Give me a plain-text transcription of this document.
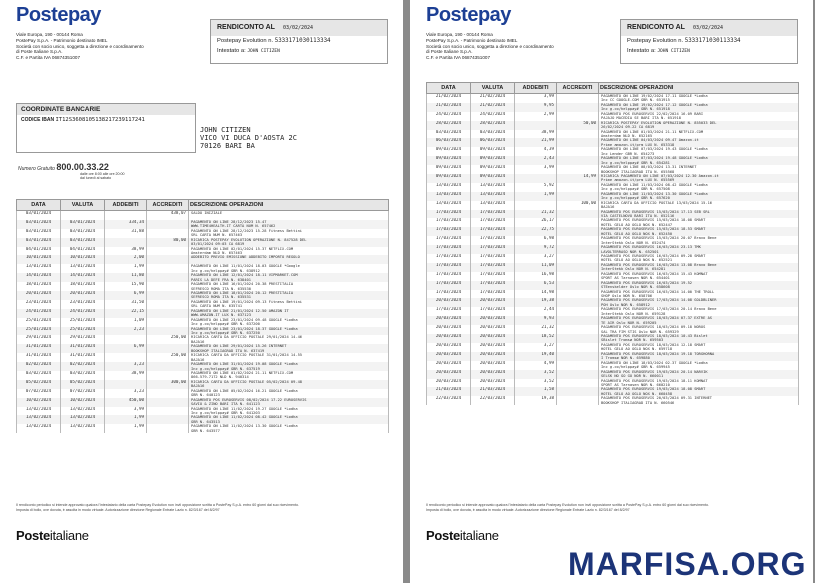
Postepay
Viale Europa, 190 - 00144 Roma
PostePay S.p.A. - Patrimonio destinato IMEL
Società con socio unico, soggetta a direzione e coordinamento
di Poste Italiane S.p.A.
C.F. e Partita IVA 06874351007
RENDICONTO AL 03/02/2024
Postepay Evolution n. 5333171030113334
Intestato a: JOHN CITIZEN
COORDINATE BANCARIE
CODICE IBAN IT12S3608105138217239117241
JOHN CITIZEN
VICO VI DUCA D'AOSTA 2C
70126 BARI BA
Numero Gratuito 800.00.33.22
dalle ore 8:00 alle ore 20:00
dal lunedì al sabato
DATA	VALUTA	ADDEBITI	ACCREDITI	DESCRIZIONE OPERAZIONI
03/01/2024			438,07	SALDO INIZIALE

03/01/2024	03/01/2024	334,34		PAGAMENTO ON LINE 28/12/2023 15.47
WWW.TIME4HEALTH.IT CARTA NUM N. 657462

03/01/2024	03/01/2024	31,88		PAGAMENTO ON LINE 28/12/2023 15.28 Fitness Bettini
SRL CARTA NUM N. 657463

03/01/2024	03/01/2024		80,00	RICARICA POSTEPAY EVOLUTION OPERAZIONE N. 847528 DEL
03/01/2024 09:03 CA 6819

04/01/2024	04/01/2024	38,99		PAGAMENTO ON LINE 02/01/2024 15.37 NETFLIX.COM
Amsterdam NLD N. 657463

10/01/2024	10/01/2024	2,00		ADDEBITO PREVIO EMISSIONE ADDEBITO IMPORTO REGOLO

13/01/2024	13/01/2024	1,99		PAGAMENTO ON LINE 11/01/2024 18.03 GOOGLE *Google
Inc g.co/helppay# GBR N. 638912

14/01/2024	14/01/2024	11,80		PAGAMENTO ON LINE 12/01/2024 18.11 VIPMARKET.COM
PARIS LA DEFE FRA N. 638401

18/01/2024	18/01/2024	15,90		PAGAMENTO ON LINE 16/01/2024 20.38 PRESTITALIA
SEFRESCO ROMA ITA N. 635530

20/01/2024	20/01/2024	6,99		PAGAMENTO ON LINE 18/01/2024 20.12 PRESTITALIA
SEFRESCO ROMA ITA N. 635531

23/01/2024	23/01/2024	31,50		PAGAMENTO ON LINE 19/01/2024 09.13 Fitness Bettini
SRL CARTA NUM N. 635741

24/01/2024	24/01/2024	22,15		PAGAMENTO ON LINE 21/01/2024 12.50 AMAZON IT
WWW.AMAZON.IT LUX N. 637123

25/01/2024	25/01/2024	1,09		PAGAMENTO ON LINE 23/01/2024 09.48 GOOGLE *Lodha
Inc g.co/helppay# GBR N. 637200

25/01/2024	25/01/2024	2,23		PAGAMENTO ON LINE 23/01/2024 18.37 GOOGLE *Lodha
Inc g.co/helppay# GBR N. 637250

29/01/2024	29/01/2024		250,00	RICARICA CARTA DA UFFICIO POSTALE 29/01/2024 14.46
BAJA16

31/01/2024	31/01/2024	6,99		PAGAMENTO ON LINE 29/01/2024 15.26 INTERNET
BOOKSHOP ITALIAGRAD ITA N. 637419

31/01/2024	31/01/2024		250,00	RICARICA CARTA DA UFFICIO POSTALE 31/01/2024 14.55
BAJA16

02/02/2024	02/02/2024	3,23		PAGAMENTO ON LINE 31/01/2024 19.08 GOOGLE *Lodha
Inc g.co/helppay# GBR N. 637519

03/02/2024	03/02/2024	38,99		PAGAMENTO ON LINE 01/02/2024 21.11 NETFLIX.COM
866-579-7172 NLD N. 940314

05/02/2024	05/02/2024		300,00	RICARICA CARTA DA UFFICIO POSTALE 05/02/2024 09.48
BAJA16

07/02/2024	07/02/2024	3,23		PAGAMENTO ON LINE 05/02/2024 16.21 GOOGLE *Lodha
GBR N. 640123

10/02/2024	10/02/2024	450,00		PAGAMENTO POS EUROSERVIS 08/02/2024 17.22 EUROSERVIS
SAVIO & ZINO BARI ITA N. 641123

13/02/2024	13/02/2024	3,99		PAGAMENTO ON LINE 11/02/2024 19.27 GOOGLE *Lodha
Inc g.co/helppay# GBR N. 641203

13/02/2024	13/02/2024	1,99		PAGAMENTO ON LINE 11/02/2024 08.42 GOOGLE *Lodha
GBR N. 643513

13/02/2024	13/02/2024	1,99		PAGAMENTO ON LINE 11/02/2024 13.30 GOOGLE *Lodha
GBR N. 643577
Il rendiconto periodico si intende approvato qualora l'intestatario della carta Postepay Evolution non invii opposizione scritta a PostePay S.p.A. entro 60 giorni dal suo ricevimento.
Imposta di bollo, ove dovuta, è assolta in modo virtuale. Autorizzazione direzione Regionale Entrate Lazio n. 82/3/167 del 8/2/97
Posteitaliane
Postepay
Viale Europa, 190 - 00144 Roma
PostePay S.p.A. - Patrimonio destinato IMEL
Società con socio unico, soggetta a direzione e coordinamento
di Poste Italiane S.p.A.
C.F. e Partita IVA 06874351007
RENDICONTO AL 03/02/2024
Postepay Evolution n. 5333171030113334
Intestato a: JOHN CITIZEN
DATA	VALUTA	ADDEBITI	ACCREDITI	DESCRIZIONE OPERAZIONI
21/02/2024	21/02/2024	3,99		PAGAMENTO ON LINE 19/02/2024 17.11 GOOGLE *Lodha
Inc CC GOOGLE.COM GBR N. 651915

21/02/2024	21/02/2024	9,95		PAGAMENTO ON LINE 19/02/2024 17.12 GOOGLE *Lodha
Inc g.co/helppay# GBR N. 651918

24/02/2024	24/02/2024	2,99		PAGAMENTO POS EUROSERVIS 22/02/2024 16.09 BARI
PAJAJO MACEDIA SE BARI ITA N. 651918

28/02/2024	28/02/2024		50,00	RICARICA POSTEPAY EVOLUTION OPERAZIONE N. 855033 DEL
26/02/2024 09.22 CA 6819

03/03/2024	03/03/2024	38,99		PAGAMENTO ON LINE 01/03/2024 21.11 NETFLIX.COM
Amsterdam NLD N. 652165

06/03/2024	06/03/2024	21,99		PAGAMENTO ON LINE 04/03/2024 09.47 Amazon.it
Prime amazon.it/prm LUX N. 653318

09/03/2024	09/03/2024	4,39		PAGAMENTO ON LINE 07/03/2024 19.43 GOOGLE *Lodha
Inc Lender GBR N. 654273

09/03/2024	09/03/2024	2,43		PAGAMENTO ON LINE 07/03/2024 19.48 GOOGLE *Lodha
Inc g.co/helppay# GBR N. 654281

09/03/2024	09/03/2024	3,99		PAGAMENTO ON LINE 08/03/2024 13.31 INTERNET
BOOKSHOP ITALIAGRAD ITA N. 655568

09/03/2024	09/03/2024		14,99	RICARICA PAGAMENTO ON LINE 07/03/2024 12.30 Amazon.it
Prime amazon.it/prm LUX N. 655569

13/03/2024	13/03/2024	5,92		PAGAMENTO ON LINE 11/03/2024 08.42 GOOGLE *Lodha
Inc g.co/helppay# GBR N. 657508

13/03/2024	13/03/2024	1,99		PAGAMENTO ON LINE 11/03/2024 13.30 GOOGLE *Lodha
Inc g.co/helppay# GBR N. 657620

13/03/2024	13/03/2024		100,00	RICARICA CARTA DA UFFICIO POSTALE 13/03/2024 15.16
BAJA16

17/03/2024	17/03/2024	21,32		PAGAMENTO POS EUROSERVIS 15/03/2024 17.13 SEB SRL
VIA CASTELNOVO BARI ITA N. 652116

17/03/2024	17/03/2024	26,17		PAGAMENTO POS EUROSERVIS 15/03/2024 18.08 SMART
HOTEL GELO AO OGLO NOX N. 652447

17/03/2024	17/03/2024	22,75		PAGAMENTO POS EUROSERVIS 15/03/2024 18.53 SMART
HOTEL GELO AO OGLO NOX N. 652450

17/03/2024	17/03/2024	6,98		PAGAMENTO POS EUROSERVIS 15/03/2024 20.07 Bravo Bene
InterStekk Oslo NOR N. 652474

17/03/2024	17/03/2024	9,72		PAGAMENTO POS EUROSERVIS 16/03/2024 23.13 TMK
LAVOLTERRASO NOR N. 652501

17/03/2024	17/03/2024	3,27		PAGAMENTO POS EUROSERVIS 16/03/2024 09.28 SMART
HOTEL GELO AO OGLO NOX N. 652521

17/03/2024	17/03/2024	11,09		PAGAMENTO POS EUROSERVIS 16/03/2024 13.08 Bravo Bene
InterStekk Oslo NOR N. 654281

17/03/2024	17/03/2024	16,98		PAGAMENTO POS EUROSERVIS 16/03/2024 15.43 KOMNAT
SPORT AS Tarnasen NOR N. 654401

17/03/2024	17/03/2024	6,53		PAGAMENTO POS EUROSERVIS 16/03/2024 19.52
STEenskelder Oslo NOR N. 658608

17/03/2024	17/03/2024	14,98		PAGAMENTO POS EUROSERVIS 16/03/2024 14.00 THE TROLL
SHOP Oslo NOR N. 658706

20/03/2024	20/03/2024	19,38		PAGAMENTO POS EUROSERVIS 17/03/2024 14.08 GOLDBLINER
POH Oslo NOR N. 658912

17/03/2024	17/03/2024	2,44		PAGAMENTO POS EUROSERVIS 17/03/2024 20.14 Bravo Bene
InterStekk Oslo NOR N. 659128

20/03/2024	20/03/2024	9,93		PAGAMENTO POS EUROSERVIS 18/03/2024 07.37 EXTRE AS
TE AIR Oslo NOR N. 659205

20/03/2024	20/03/2024	21,32		PAGAMENTO POS EUROSERVIS 18/03/2024 09.18 NOROS
SAL TRA FIM STIS Oslo NOR N. 659329

20/03/2024	20/03/2024	18,52		PAGAMENTO POS EUROSERVIS 18/03/2024 10.43 Bislet
SBislet Tromsø NOR N. 659503

20/03/2024	20/03/2024	3,27		PAGAMENTO POS EUROSERVIS 18/03/2024 12.18 SMART
HOTEL GELO AO OGLO NOX N. 659718

20/03/2024	20/03/2024	19,40		PAGAMENTO POS EUROSERVIS 18/03/2024 19.18 TORGHORNA
I Tromsø NOR N. 659880

20/03/2024	20/03/2024	4,99		PAGAMENTO ON LINE 18/03/2024 02.37 GOOGLE *Lodha
Inc g.co/helppay# GBR N. 659945

20/03/2024	20/03/2024	3,52		PAGAMENTO POS EUROSERVIS 19/03/2024 20.14 NARVIK
SELSK NO GO GO NOR N. 660011

20/03/2024	20/03/2024	3,52		PAGAMENTO POS EUROSERVIS 19/03/2024 18.11 KOMNAT
SPORT AS Tarnasen NOR N. 660210

21/03/2024	21/03/2024	1,58		PAGAMENTO POS EUROSERVIS 19/03/2024 18.08 SMART
HOTEL GELO AO OGLO NOX N. 660458

22/03/2024	22/03/2024	19,38		PAGAMENTO POS EUROSERVIS 20/03/2024 09.31 INTERNET
BOOKSHOP ITALIAGRAD ITA N. 660546
Il rendiconto periodico si intende approvato qualora l'intestatario della carta Postepay Evolution non invii opposizione scritta a PostePay S.p.A. entro 60 giorni dal suo ricevimento.
Imposta di bollo, ove dovuta, è assolta in modo virtuale. Autorizzazione direzione Regionale Entrate Lazio n. 82/3/167 del 8/2/97
Posteitaliane
MARFISA.ORG
